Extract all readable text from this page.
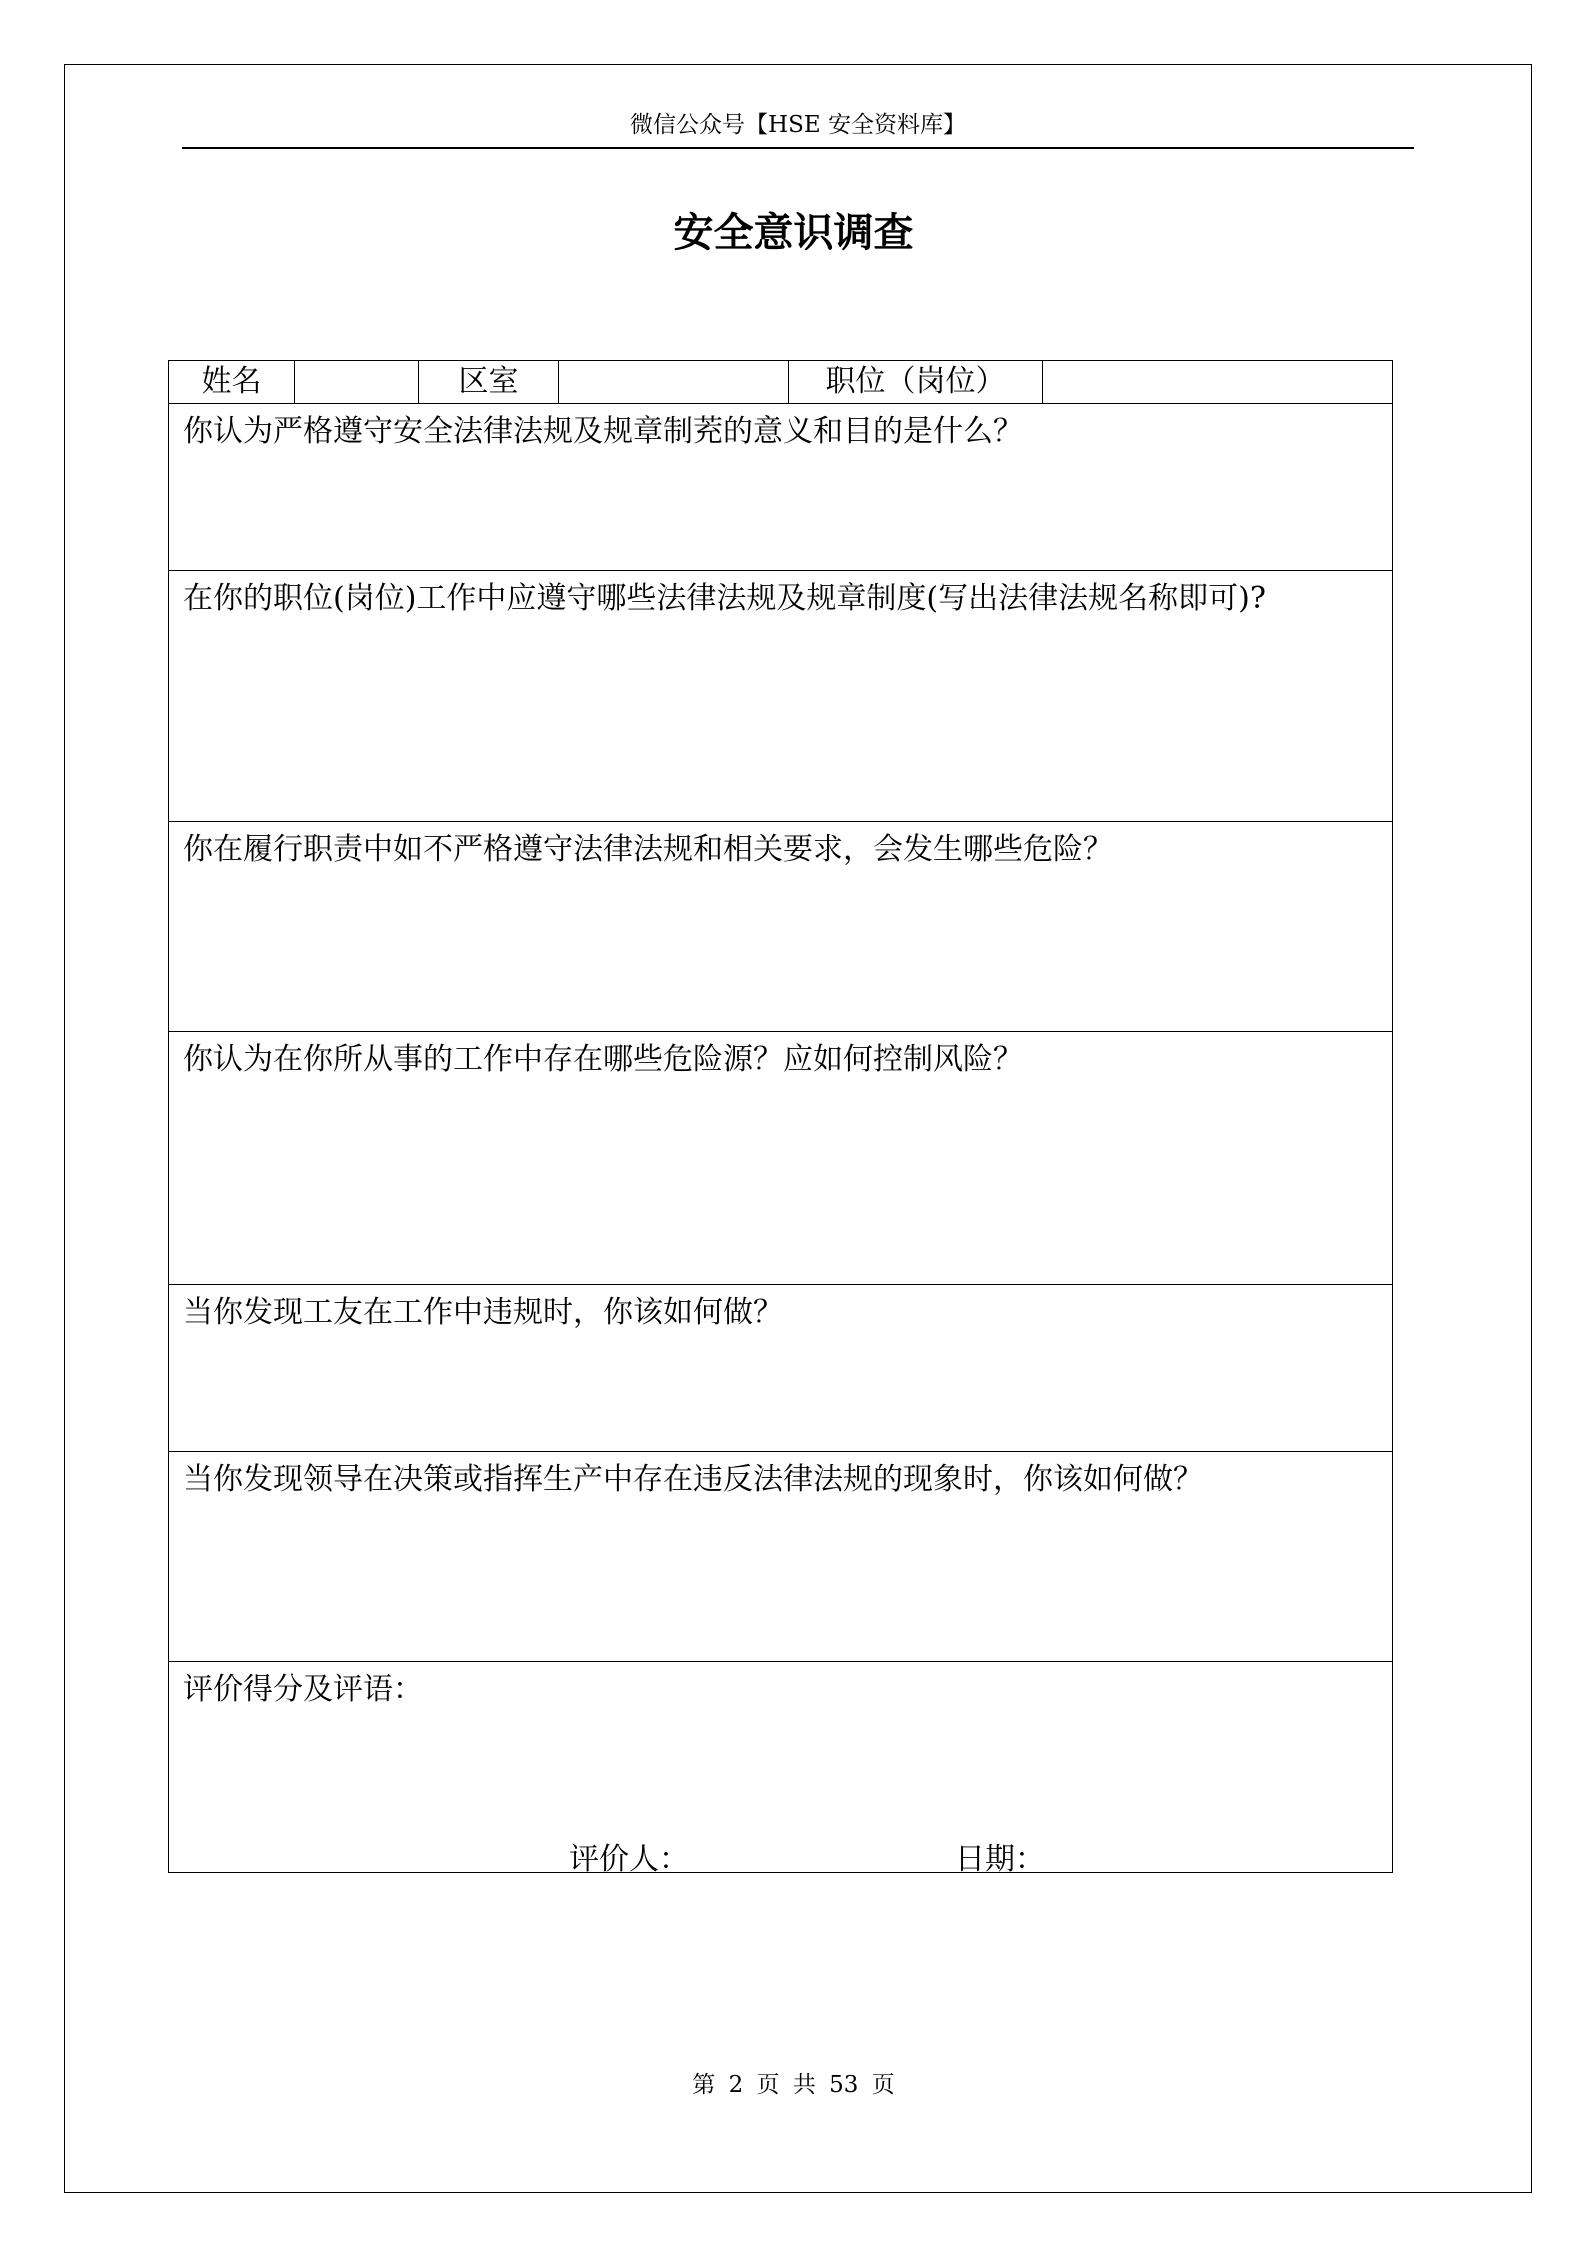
微信公众号【HSE 安全资料库】
安全意识调查
姓名		区室		职位（岗位）	

你认为严格遵守安全法律法规及规章制茺的意义和目的是什么？

在你的职位(岗位)工作中应遵守哪些法律法规及规章制度(写出法律法规名称即可)?

你在履行职责中如不严格遵守法律法规和相关要求，会发生哪些危险？

你认为在你所从事的工作中存在哪些危险源？应如何控制风险？

当你发现工友在工作中违规时，你该如何做？

当你发现领导在决策或指挥生产中存在违反法律法规的现象时，你该如何做？

评价得分及评语：
评价人：	日期：
第 2 页 共 53 页
